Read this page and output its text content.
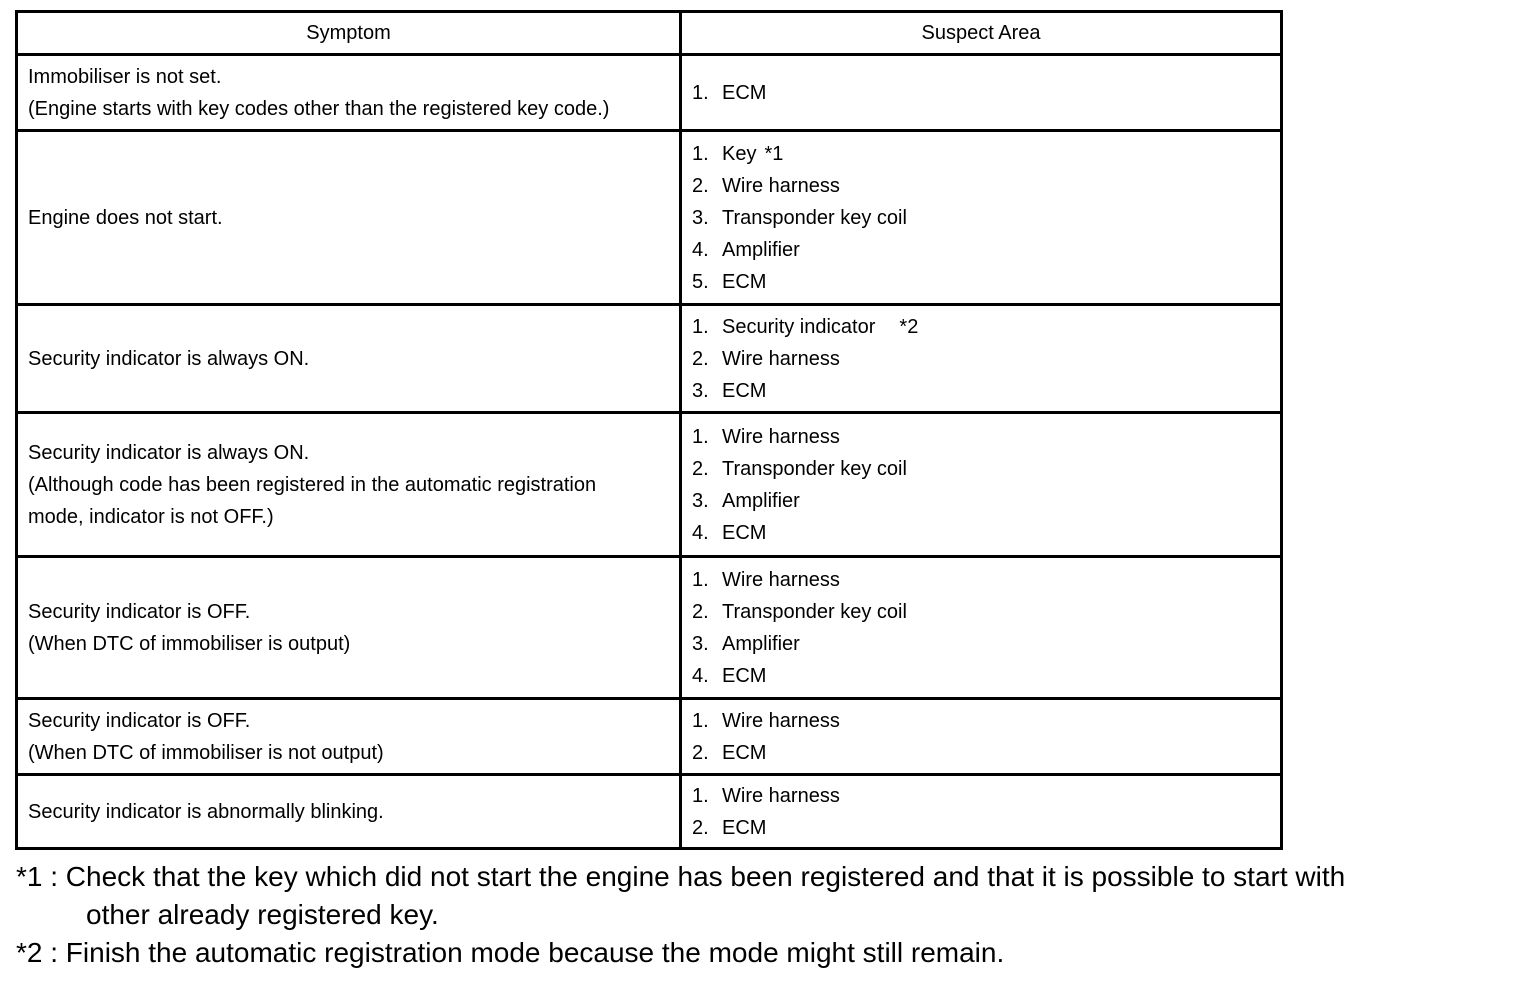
Symptom	Suspect Area

Immobiliser is not set.
(Engine starts with key codes other than the registered key code.)	1. ECM

Engine does not start.	1. Key *1
2. Wire harness
3. Transponder key coil
4. Amplifier
5. ECM

Security indicator is always ON.	1. Security indicator *2
2. Wire harness
3. ECM

Security indicator is always ON.
(Although code has been registered in the automatic registration
mode, indicator is not OFF.)	1. Wire harness
2. Transponder key coil
3. Amplifier
4. ECM

Security indicator is OFF.
(When DTC of immobiliser is output)	1. Wire harness
2. Transponder key coil
3. Amplifier
4. ECM

Security indicator is OFF.
(When DTC of immobiliser is not output)	1. Wire harness
2. ECM

Security indicator is abnormally blinking.	1. Wire harness
2. ECM
*1 : Check that the key which did not start the engine has been registered and that it is possible to start with
other already registered key.
*2 : Finish the automatic registration mode because the mode might still remain.
